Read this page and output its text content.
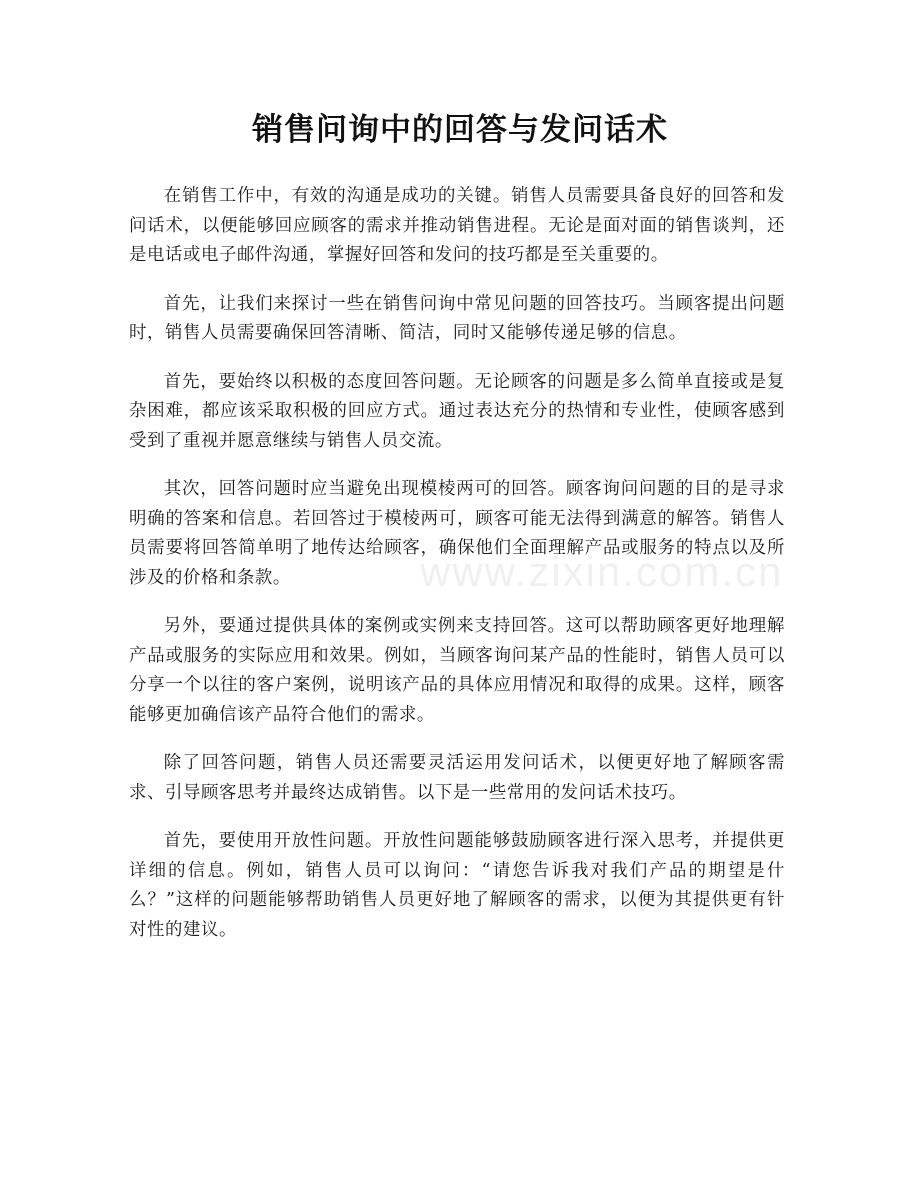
销售问询中的回答与发问话术

在销售工作中，有效的沟通是成功的关键。销售人员需要具备良好的回答和发问话术，以便能够回应顾客的需求并推动销售进程。无论是面对面的销售谈判，还是电话或电子邮件沟通，掌握好回答和发问的技巧都是至关重要的。

首先，让我们来探讨一些在销售问询中常见问题的回答技巧。当顾客提出问题时，销售人员需要确保回答清晰、简洁，同时又能够传递足够的信息。

首先，要始终以积极的态度回答问题。无论顾客的问题是多么简单直接或是复杂困难，都应该采取积极的回应方式。通过表达充分的热情和专业性，使顾客感到受到了重视并愿意继续与销售人员交流。

其次，回答问题时应当避免出现模棱两可的回答。顾客询问问题的目的是寻求明确的答案和信息。若回答过于模棱两可，顾客可能无法得到满意的解答。销售人员需要将回答简单明了地传达给顾客，确保他们全面理解产品或服务的特点以及所涉及的价格和条款。

另外，要通过提供具体的案例或实例来支持回答。这可以帮助顾客更好地理解产品或服务的实际应用和效果。例如，当顾客询问某产品的性能时，销售人员可以分享一个以往的客户案例，说明该产品的具体应用情况和取得的成果。这样，顾客能够更加确信该产品符合他们的需求。

除了回答问题，销售人员还需要灵活运用发问话术，以便更好地了解顾客需求、引导顾客思考并最终达成销售。以下是一些常用的发问话术技巧。

首先，要使用开放性问题。开放性问题能够鼓励顾客进行深入思考，并提供更详细的信息。例如，销售人员可以询问：“请您告诉我对我们产品的期望是什么？”这样的问题能够帮助销售人员更好地了解顾客的需求，以便为其提供更有针对性的建议。

www.zixin.com.cn
